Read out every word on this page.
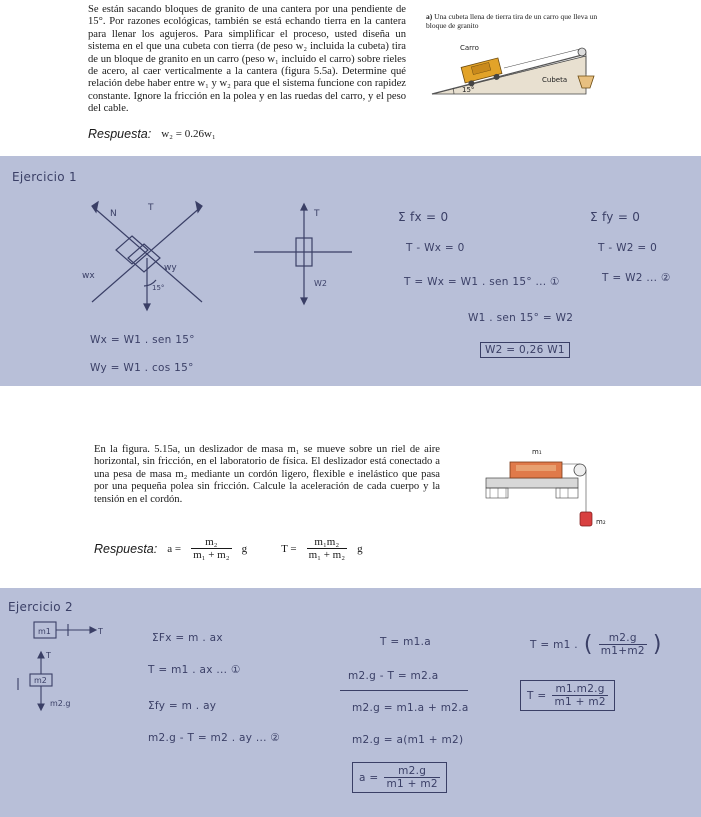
Se están sacando bloques de granito de una cantera por una pendiente de 15°. Por razones ecológicas, también se está echando tierra en la cantera para llenar los agujeros. Para simplificar el proceso, usted diseña un sistema en el que una cubeta con tierra (de peso w₂ incluida la cubeta) tira de un bloque de granito en un carro (peso w₁ incluido el carro) sobre rieles de acero, al caer verticalmente a la cantera (figura 5.5a). Determine qué relación debe haber entre w₁ y w₂ para que el sistema funcione con rapidez constante. Ignore la fricción en la polea y en las ruedas del carro, y el peso del cable.

Respuesta: w₂ = 0.26w₁
a) Una cubeta llena de tierra tira de un carro que lleva un bloque de granito
15°
Carro
Cubeta
Ejercicio 1
N
T
wx
wy
15°
T
W2
Wx = W1 . sen 15°
Wy = W1 . cos 15°
Σ fx = 0
T - Wx = 0
T = Wx = W1 . sen 15° ... ①
W1 . sen 15° = W2
W2 = 0,26 W1
Σ fy = 0
T - W2 = 0
T = W2 ... ②

En la figura. 5.15a, un deslizador de masa m₁ se mueve sobre un riel de aire horizontal, sin fricción, en el laboratorio de física. El deslizador está conectado a una pesa de masa m₂ mediante un cordón ligero, flexible e inelástico que pasa por una pequeña polea sin fricción. Calcule la aceleración de cada cuerpo y la tensión en el cordón.

Respuesta: $a = \frac{\text{m₂}}{\text{m₁ + m₂}}$ g	$T = \frac{\text{m₁m₂}}{\text{m₁ + m₂}}$ g
m₁
m₂
Ejercicio 2
m1	T
T
m2
m2.g
ΣFx = m . ax
T = m1 . ax ... ①
Σfy = m . ay
m2.g - T = m2 . ay ... ②
T = m1.a
m2.g - T = m2.a
m2.g = m1.a + m2.a
m2.g = a(m1 + m2)
$a = \frac{m2.g}{m1 + m2}$
T = m1 . ( $\frac{m2.g}{m1+m2}$ )
$T = \frac{m1.m2.g}{m1 + m2}$
